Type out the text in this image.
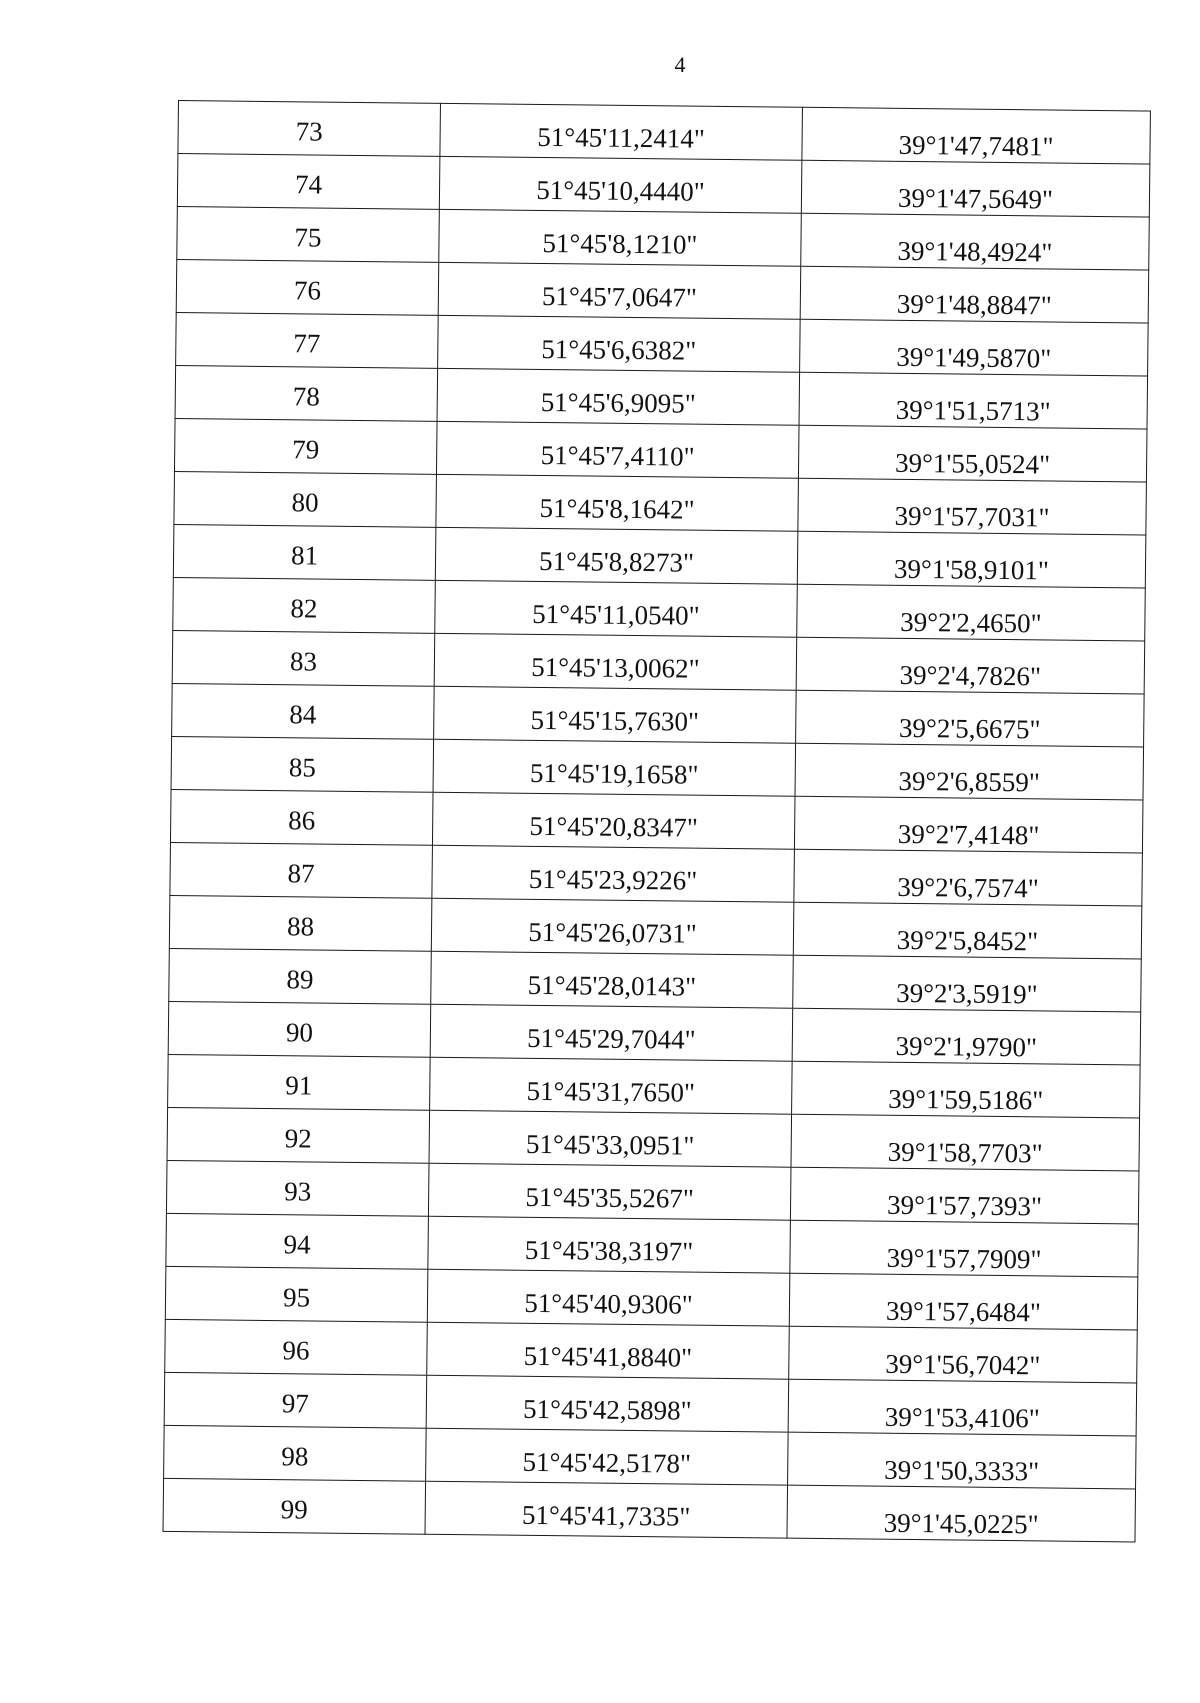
4
73	51°45'11,2414"	39°1'47,7481"
74	51°45'10,4440"	39°1'47,5649"
75	51°45'8,1210"	39°1'48,4924"
76	51°45'7,0647"	39°1'48,8847"
77	51°45'6,6382"	39°1'49,5870"
78	51°45'6,9095"	39°1'51,5713"
79	51°45'7,4110"	39°1'55,0524"
80	51°45'8,1642"	39°1'57,7031"
81	51°45'8,8273"	39°1'58,9101"
82	51°45'11,0540"	39°2'2,4650"
83	51°45'13,0062"	39°2'4,7826"
84	51°45'15,7630"	39°2'5,6675"
85	51°45'19,1658"	39°2'6,8559"
86	51°45'20,8347"	39°2'7,4148"
87	51°45'23,9226"	39°2'6,7574"
88	51°45'26,0731"	39°2'5,8452"
89	51°45'28,0143"	39°2'3,5919"
90	51°45'29,7044"	39°2'1,9790"
91	51°45'31,7650"	39°1'59,5186"
92	51°45'33,0951"	39°1'58,7703"
93	51°45'35,5267"	39°1'57,7393"
94	51°45'38,3197"	39°1'57,7909"
95	51°45'40,9306"	39°1'57,6484"
96	51°45'41,8840"	39°1'56,7042"
97	51°45'42,5898"	39°1'53,4106"
98	51°45'42,5178"	39°1'50,3333"
99	51°45'41,7335"	39°1'45,0225"
